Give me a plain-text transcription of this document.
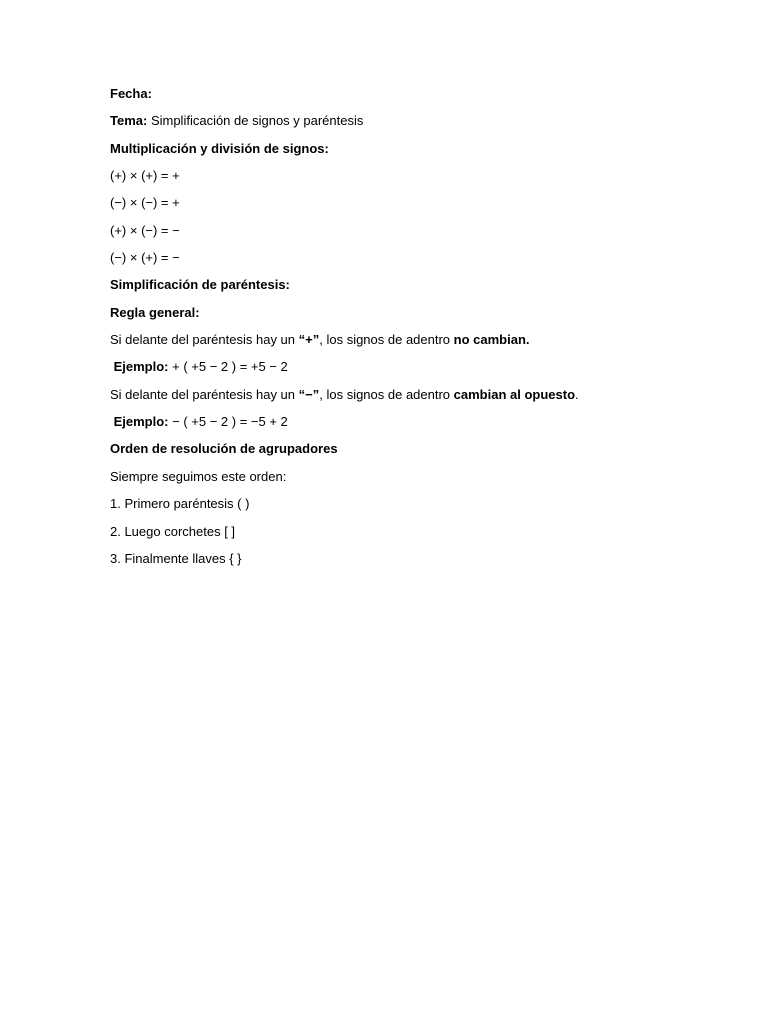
Fecha:
Tema: Simplificación de signos y paréntesis
Multiplicación y división de signos:
(+) × (+) = +
(−) × (−) = +
(+) × (−) = −
(−) × (+) = −
Simplificación de paréntesis:
Regla general:
Si delante del paréntesis hay un “+”, los signos de adentro no cambian.
Ejemplo: + ( +5 − 2 ) = +5 − 2
Si delante del paréntesis hay un “−”, los signos de adentro cambian al opuesto.
Ejemplo: − ( +5 − 2 ) = −5 + 2
Orden de resolución de agrupadores
Siempre seguimos este orden:
1. Primero paréntesis ( )
2. Luego corchetes [ ]
3. Finalmente llaves { }
